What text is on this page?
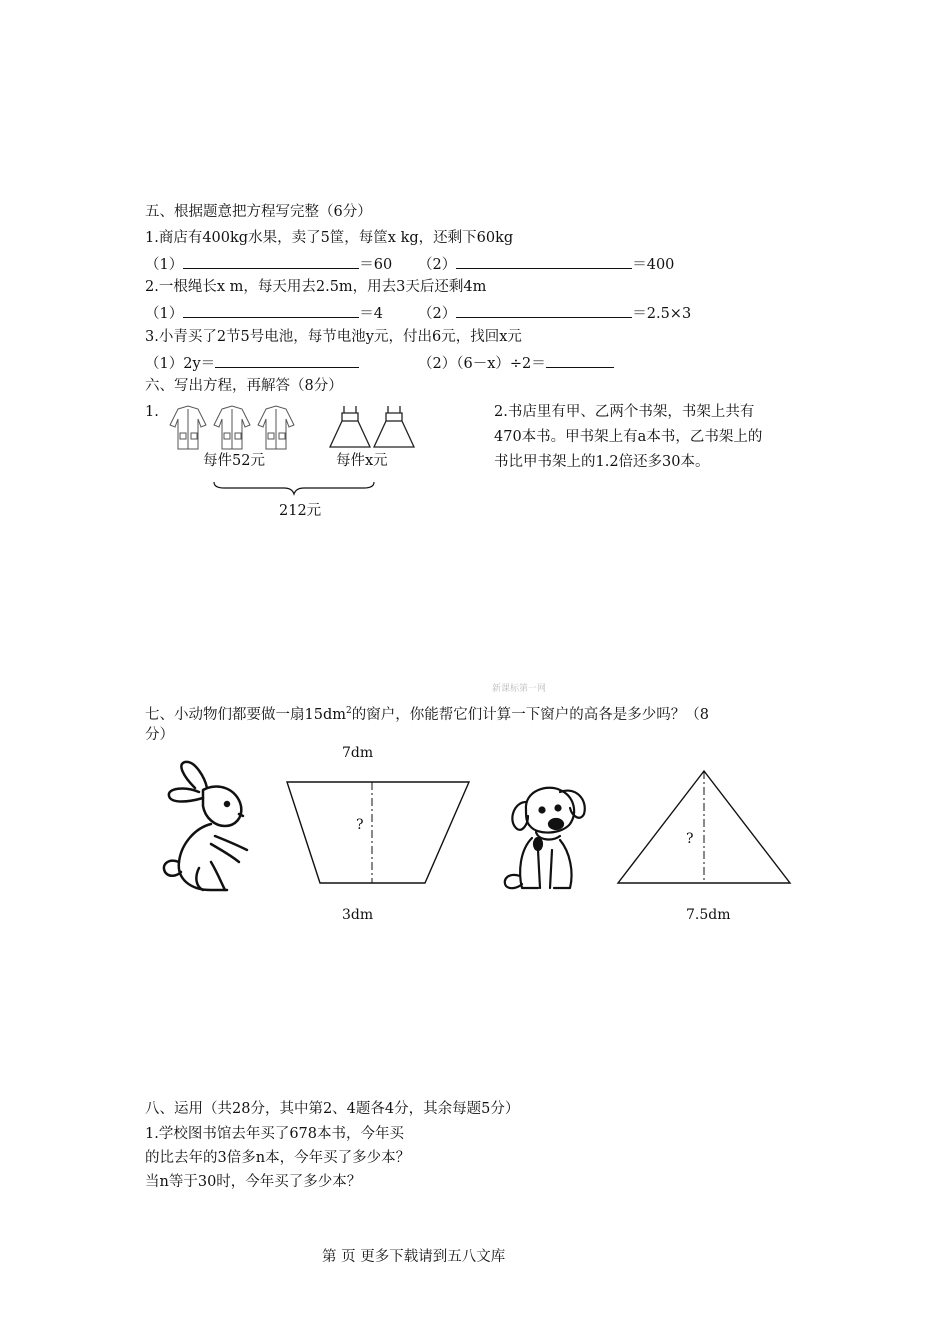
五、根据题意把方程写完整（6分）
1.商店有400kg水果，卖了5筐，每筐x kg，还剩下60kg
（1）	＝60 （2）	＝400
2.一根绳长x m，每天用去2.5m，用去3天后还剩4m
（1）	＝4 （2）	＝2.5×3
3.小青买了2节5号电池，每节电池y元，付出6元，找回x元
（1）2y＝	（2）（6－x）÷2＝
六、写出方程，再解答（8分）
1.
每件52元	每件x元
212元
2.书店里有甲、乙两个书架，书架上共有
470本书。甲书架上有a本书，乙书架上的
书比甲书架上的1.2倍还多30本。
新课标第一网
七、小动物们都要做一扇$15dm^2$的窗户，你能帮它们计算一下窗户的高各是多少吗？（8
分）
7dm
?
3dm
?
7.5dm
八、运用（共28分，其中第2、4题各4分，其余每题5分）
1.学校图书馆去年买了678本书，今年买
的比去年的3倍多n本，今年买了多少本？
当n等于30时，今年买了多少本？
第 页 更多下载请到五八文库
